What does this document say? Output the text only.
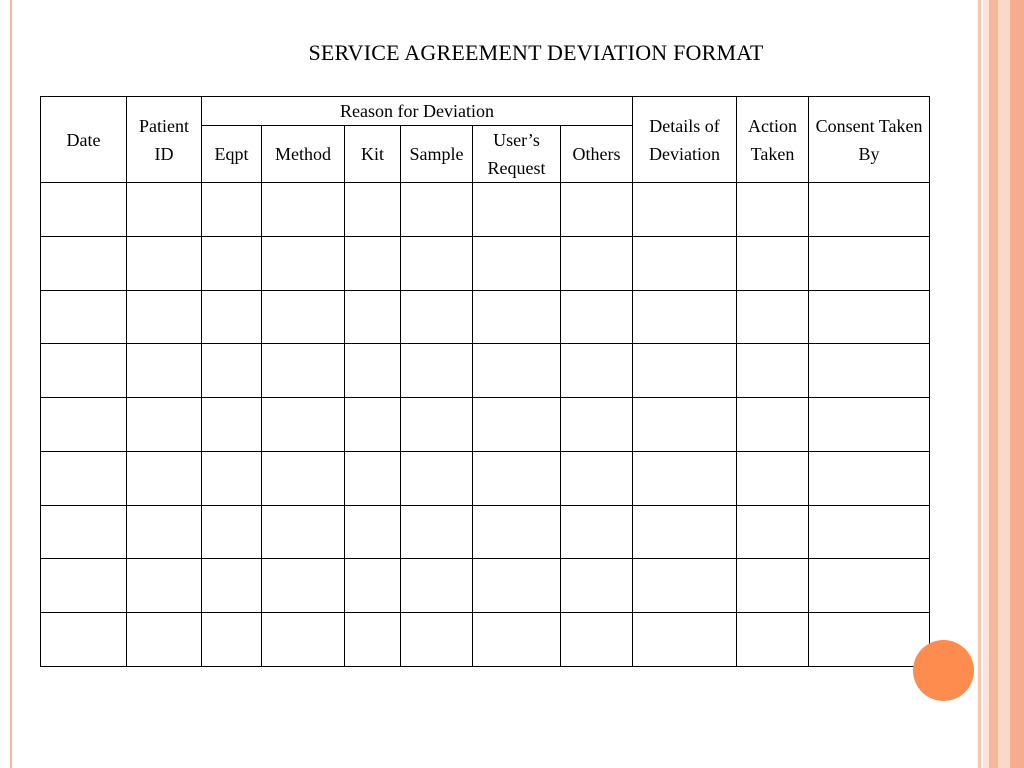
SERVICE AGREEMENT DEVIATION FORMAT
Date	Patient ID	Reason for Deviation						Details of Deviation	Action Taken	Consent Taken By
		Eqpt	Method	Kit	Sample	User’s Request	Others			
